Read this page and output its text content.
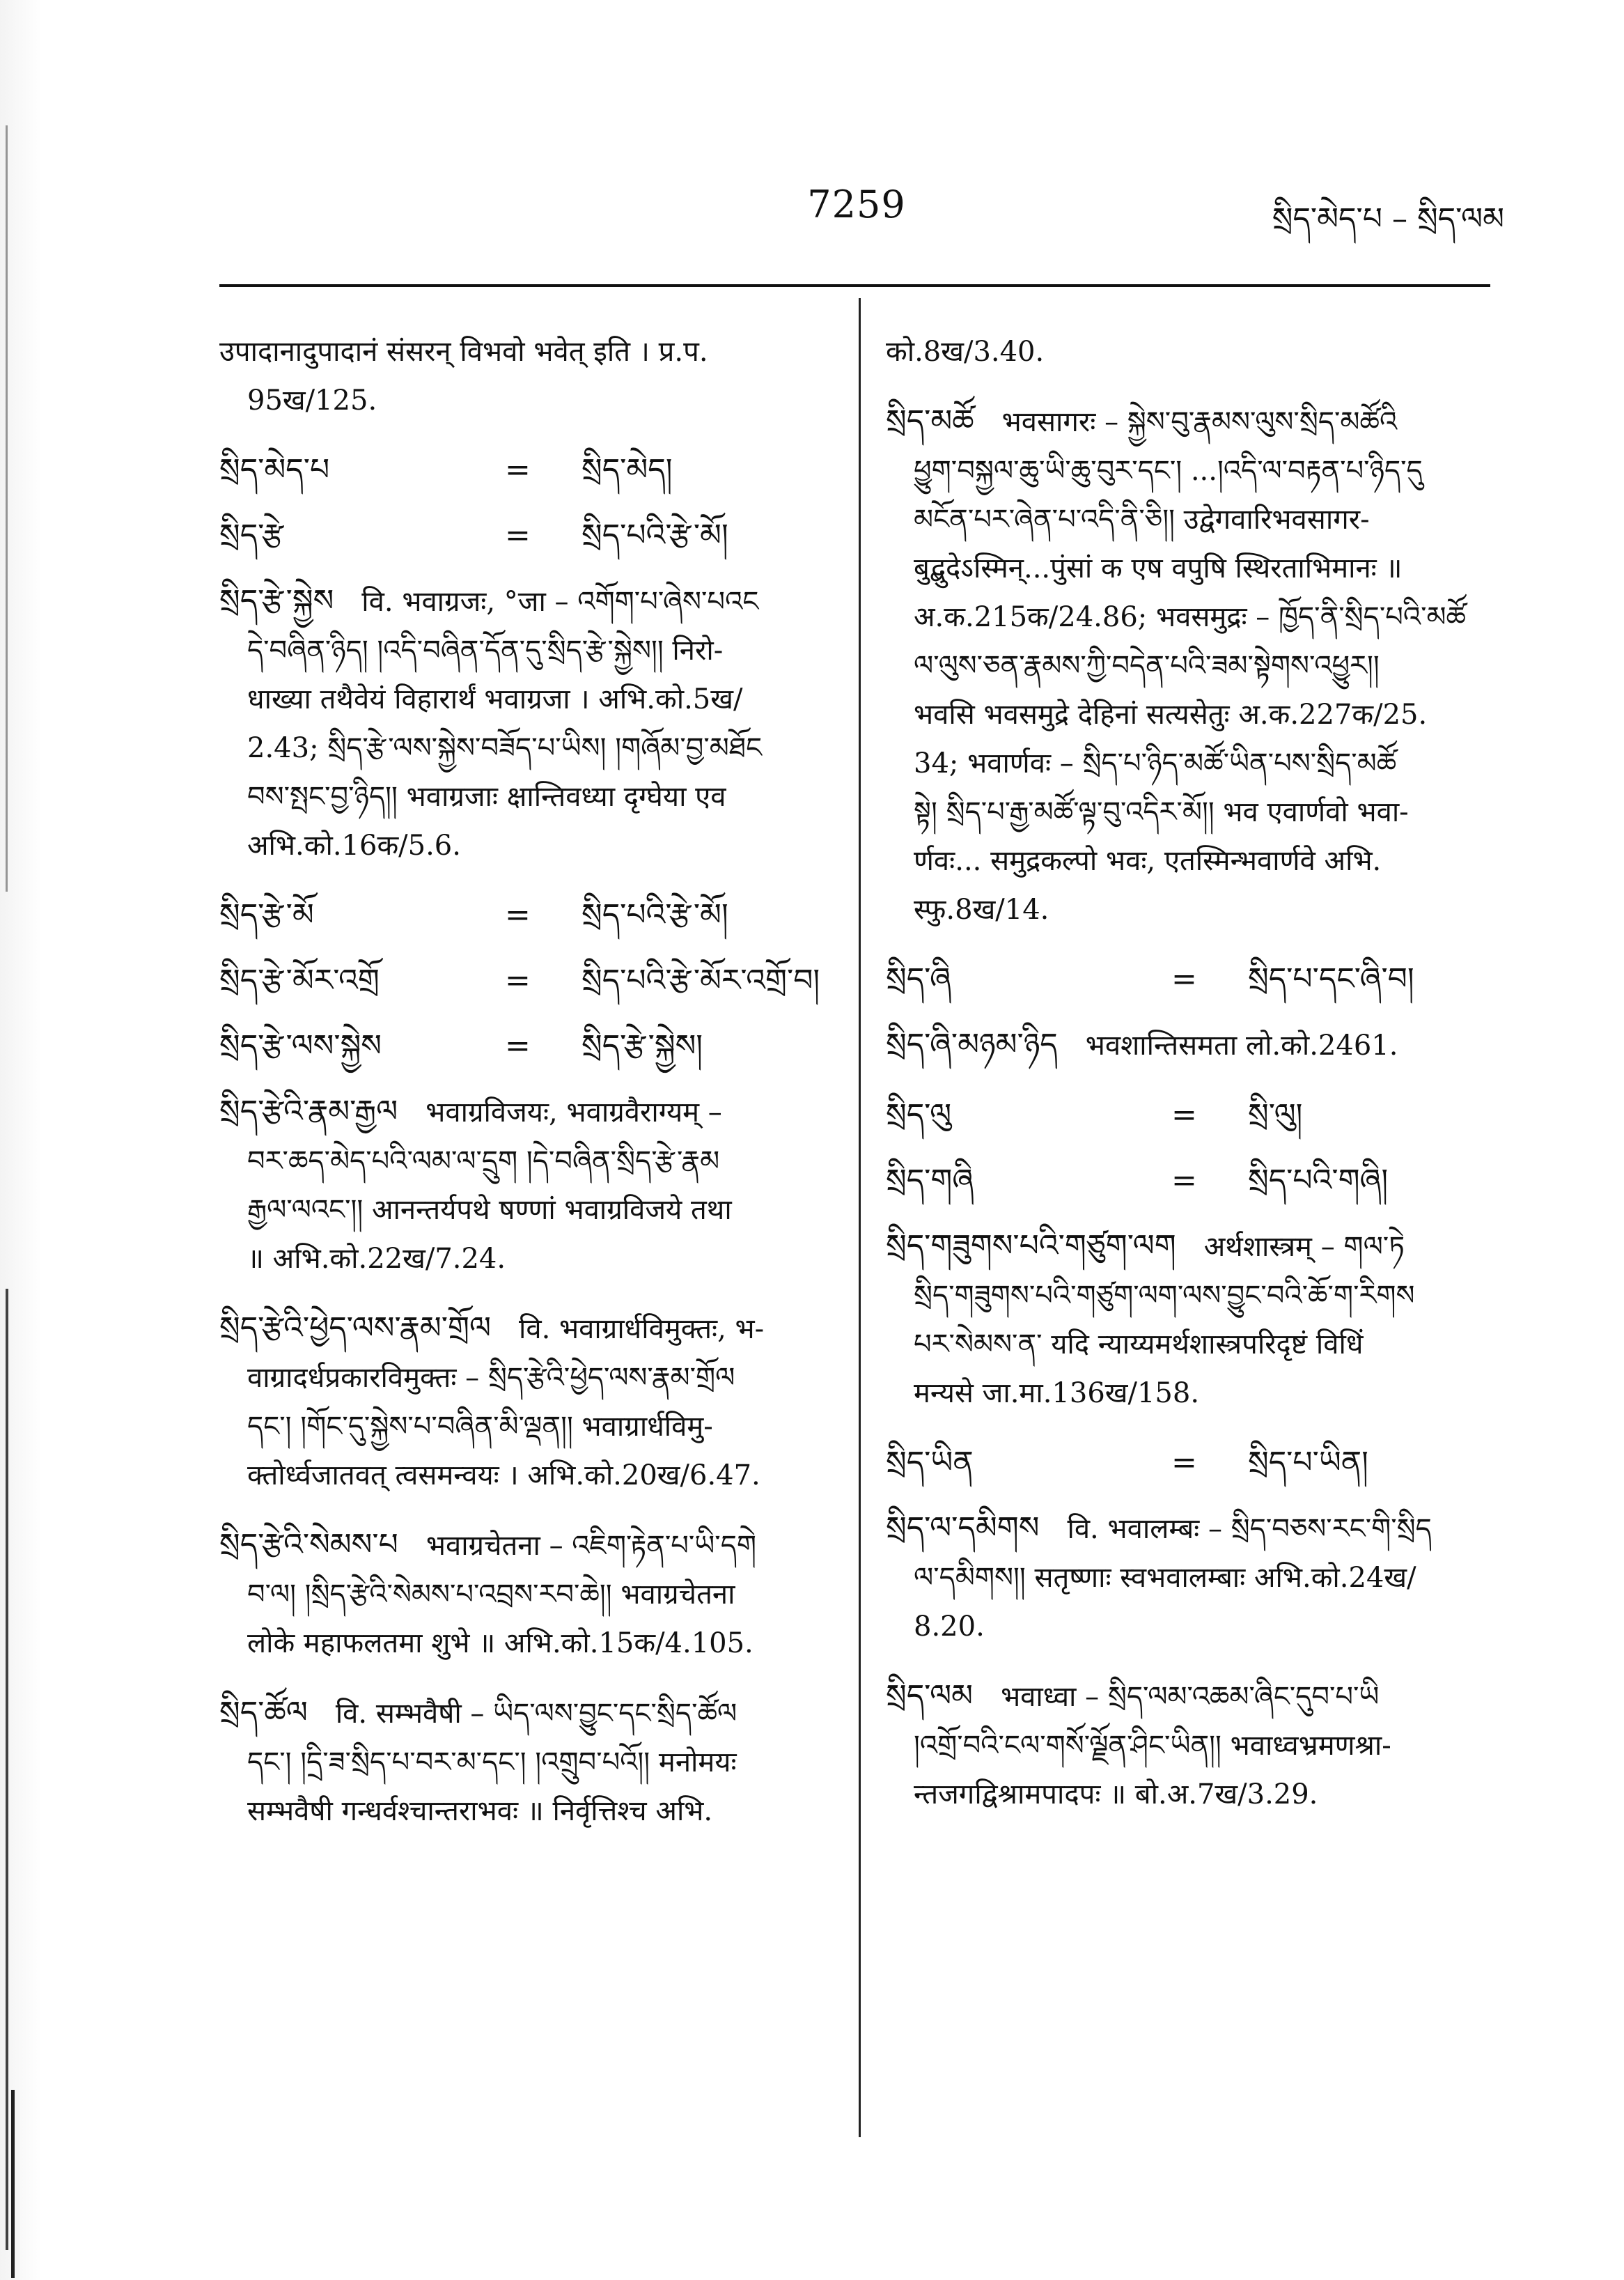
7259	སྲིད་མེད་པ – སྲིད་ལམ
उपादानादुपादानं संसरन् विभवो भवेत् इति । प्र.प.

95ख/125.
སྲིད་མེད་པ	=	སྲིད་མེད།
སྲིད་རྩེ	=	སྲིད་པའི་རྩེ་མོ།
སྲིད་རྩེ་སྐྱེས  वि. भवाग्रजः, °जा – འགོག་པ་ཞེས་པའང

དེ་བཞིན་ཉིད། །འདི་བཞིན་དོན་དུ་སྲིད་རྩེ་སྐྱེས།། निरो-
धाख्या तथैवेयं विहारार्थं भवाग्रजा । अभि.को.5ख/
2.43; སྲིད་རྩེ་ལས་སྐྱེས་བཟོད་པ་ཡིས། །གཞོམ་བྱ་མཐོང
བས་སྤང་བྱ་ཉིད།། भवाग्रजाः क्षान्तिवध्या दृग्घेया एव
अभि.को.16क/5.6.
སྲིད་རྩེ་མོ	=	སྲིད་པའི་རྩེ་མོ།
སྲིད་རྩེ་མོར་འགྲོ	=	སྲིད་པའི་རྩེ་མོར་འགྲོ་བ།
སྲིད་རྩེ་ལས་སྐྱེས	=	སྲིད་རྩེ་སྐྱེས།
སྲིད་རྩེའི་རྣམ་རྒྱལ  भवाग्रविजयः, भवाग्रवैराग्यम् –

བར་ཆད་མེད་པའི་ལམ་ལ་དྲུག །དེ་བཞིན་སྲིད་རྩེ་རྣམ
རྒྱལ་ལའང་།། आनन्तर्यपथे षण्णां भवाग्रविजये तथा
॥ अभि.को.22ख/7.24.
སྲིད་རྩེའི་ཕྱེད་ལས་རྣམ་གྲོལ  वि. भवाग्रार्धविमुक्तः, भ-

वाग्रादर्धप्रकारविमुक्तः – སྲིད་རྩེའི་ཕྱེད་ལས་རྣམ་གྲོལ
དང་། །གོང་དུ་སྐྱེས་པ་བཞིན་མི་ལྡན།། भवाग्रार्धविमु-
क्तोर्ध्वजातवत् त्वसमन्वयः । अभि.को.20ख/6.47.
སྲིད་རྩེའི་སེམས་པ  भवाग्रचेतना – འཇིག་རྟེན་པ་ཡི་དགེ

བ་ལ། །སྲིད་རྩེའི་སེམས་པ་འབྲས་རབ་ཆེ།། भवाग्रचेतना
लोके महाफलतमा शुभे ॥ अभि.को.15क/4.105.
སྲིད་ཚོལ  वि. सम्भवैषी – ཡིད་ལས་བྱུང་དང་སྲིད་ཚོལ

དང་། །དྲི་ཟ་སྲིད་པ་བར་མ་དང་། །འགྲུབ་པའོ།། मनोमयः
सम्भवैषी गन्धर्वश्चान्तराभवः ॥ निर्वृत्तिश्च अभि.
को.8ख/3.40.

སྲིད་མཚོ  भवसागरः – སྐྱེས་བུ་རྣམས་ལུས་སྲིད་མཚོའི

ཕྱུག་བསྐྱལ་ཆུ་ཡི་ཆུ་བུར་དང་། ...།འདི་ལ་བརྟན་པ་ཉིད་དུ
མངོན་པར་ཞེན་པ་འདི་ནི་ཅི།། उद्वेगवारिभवसागर-
बुद्बुदेऽस्मिन्...पुंसां क एष वपुषि स्थिरताभिमानः ॥
अ.क.215क/24.86; भवसमुद्रः – ཁྱོད་ནི་སྲིད་པའི་མཚོ
ལ་ལུས་ཅན་རྣམས་ཀྱི་བདེན་པའི་ཟམ་སྟེགས་འཕྱུར།།
भवसि भवसमुद्रे देहिनां सत्यसेतुः अ.क.227क/25.
34; भवार्णवः – སྲིད་པ་ཉིད་མཚོ་ཡིན་པས་སྲིད་མཚོ
སྟེ། སྲིད་པ་རྒྱ་མཚོ་ལྟ་བུ་འདིར་མོ།། भव एवार्णवो भवा-
र्णवः... समुद्रकल्पो भवः, एतस्मिन्भवार्णवे अभि.
स्फु.8ख/14.
སྲིད་ཞི	=	སྲིད་པ་དང་ཞི་བ།
སྲིད་ཞི་མཉམ་ཉིད  भवशान्तिसमता लो.को.2461.

སྲིད་ལུ	=	སྲི་ལུ།
སྲིད་གཞི	=	སྲིད་པའི་གཞི།
སྲིད་གཟུགས་པའི་གཙུག་ལག  अर्थशास्त्रम् – གལ་ཏེ

སྲིད་གཟུགས་པའི་གཙུག་ལག་ལས་བྱུང་བའི་ཆོ་ག་རིགས
པར་སེམས་ན་ यदि न्याय्यमर्थशास्त्रपरिदृष्टं विधिं
मन्यसे जा.मा.136ख/158.
སྲིད་ཡིན	=	སྲིད་པ་ཡིན།
སྲིད་ལ་དམིགས  वि. भवालम्बः – སྲིད་བཅས་རང་གི་སྲིད

ལ་དམིགས།། सतृष्णाः स्वभवालम्बाः अभि.को.24ख/
8.20.
སྲིད་ལམ  भवाध्वा – སྲིད་ལམ་འཆམ་ཞིང་དུབ་པ་ཡི

།འགྲོ་བའི་ངལ་གསོ་ལྗོན་ཤིང་ཡིན།། भवाध्वभ्रमणश्रा-
न्तजगद्विश्रामपादपः ॥ बो.अ.7ख/3.29.
